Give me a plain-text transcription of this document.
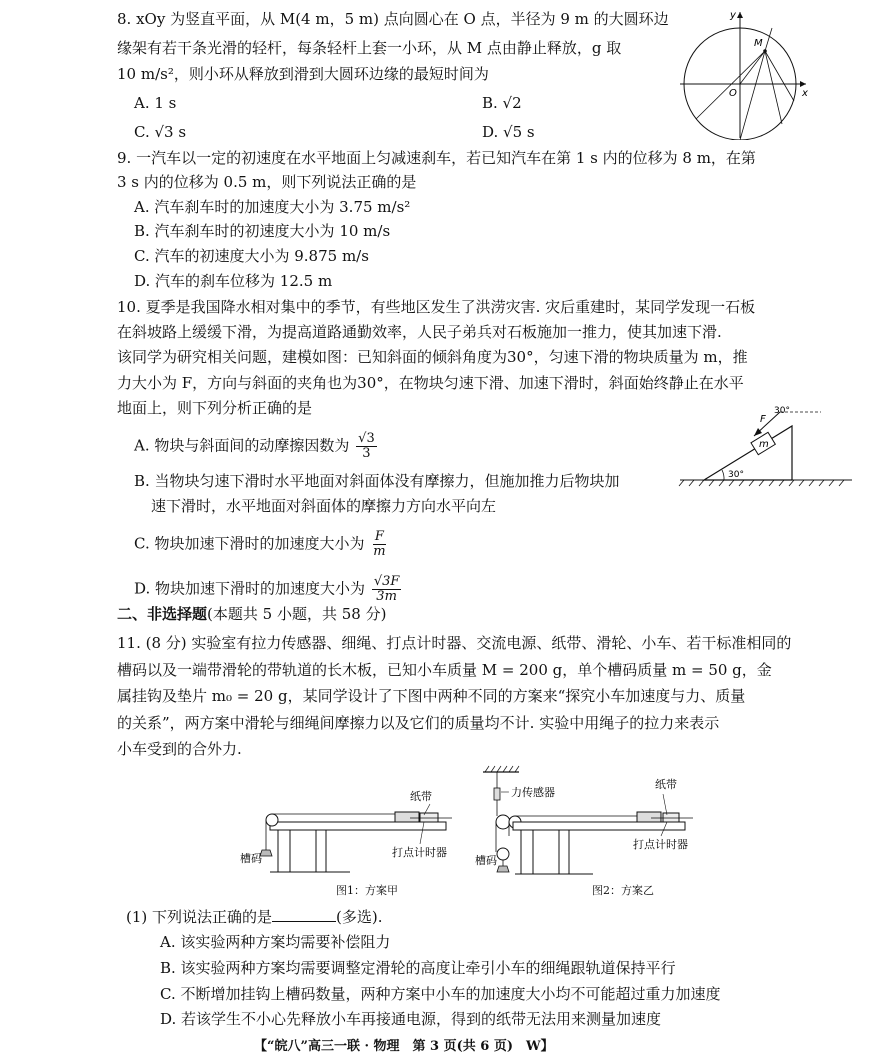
8. xOy 为竖直平面，从 M(4 m，5 m) 点向圆心在 O 点，半径为 9 m 的大圆环边
缘架有若干条光滑的轻杆，每条轻杆上套一小环，从 M 点由静止释放，g 取
10 m/s²，则小环从释放到滑到大圆环边缘的最短时间为
A. 1 s	B. √2
C. √3 s	D. √5 s
y
x
O
M
9. 一汽车以一定的初速度在水平地面上匀减速刹车，若已知汽车在第 1 s 内的位移为 8 m，在第
3 s 内的位移为 0.5 m，则下列说法正确的是
A. 汽车刹车时的加速度大小为 3.75 m/s²
B. 汽车刹车时的初速度大小为 10 m/s
C. 汽车的初速度大小为 9.875 m/s
D. 汽车的刹车位移为 12.5 m
10. 夏季是我国降水相对集中的季节，有些地区发生了洪涝灾害. 灾后重建时，某同学发现一石板
在斜坡路上缓缓下滑，为提高道路通勤效率，人民子弟兵对石板施加一推力，使其加速下滑.
该同学为研究相关问题，建模如图：已知斜面的倾斜角度为30°，匀速下滑的物块质量为 m，推
力大小为 F，方向与斜面的夹角也为30°，在物块匀速下滑、加速下滑时，斜面始终静止在水平
地面上，则下列分析正确的是
A. 物块与斜面间的动摩擦因数为 $\frac{√3}{3}$
B. 当物块匀速下滑时水平地面对斜面体没有摩擦力，但施加推力后物块加
速下滑时，水平地面对斜面体的摩擦力方向水平向左
C. 物块加速下滑时的加速度大小为 $\frac{F}{m}$
D. 物块加速下滑时的加速度大小为 $\frac{√3F}{3m}$
30°
m
F
30°
二、非选择题(本题共 5 小题，共 58 分)
11. (8 分) 实验室有拉力传感器、细绳、打点计时器、交流电源、纸带、滑轮、小车、若干标准相同的
槽码以及一端带滑轮的带轨道的长木板，已知小车质量 M = 200 g，单个槽码质量 m = 50 g，金
属挂钩及垫片 m₀ = 20 g，某同学设计了下图中两种不同的方案来“探究小车加速度与力、质量
的关系”，两方案中滑轮与细绳间摩擦力以及它们的质量均不计. 实验中用绳子的拉力来表示
小车受到的合外力.
纸带
槽码	打点计时器
图1：方案甲
力传感器
纸带
槽码
打点计时器
图2：方案乙
(1) 下列说法正确的是	(多选).
A. 该实验两种方案均需要补偿阻力
B. 该实验两种方案均需要调整定滑轮的高度让牵引小车的细绳跟轨道保持平行
C. 不断增加挂钩上槽码数量，两种方案中小车的加速度大小均不可能超过重力加速度
D. 若该学生不小心先释放小车再接通电源，得到的纸带无法用来测量加速度
【“皖八”高三一联 · 物理　第 3 页(共 6 页)　W】
